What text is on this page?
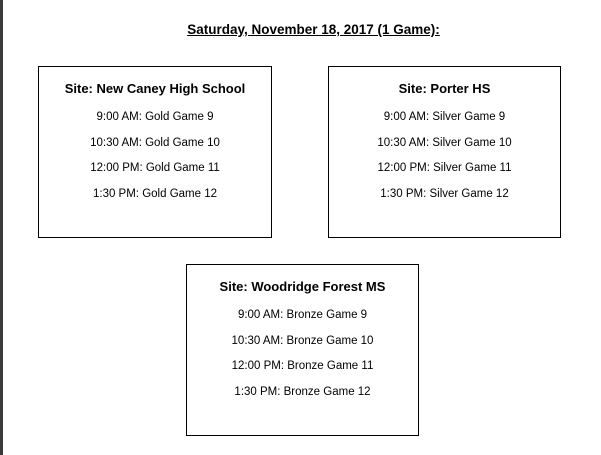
Saturday, November 18, 2017 (1 Game):
Site: New Caney High School
9:00 AM: Gold Game 9
10:30 AM: Gold Game 10
12:00 PM: Gold Game 11
1:30 PM: Gold Game 12
Site: Porter HS
9:00 AM: Silver Game 9
10:30 AM: Silver Game 10
12:00 PM: Silver Game 11
1:30 PM: Silver Game 12
Site: Woodridge Forest MS
9:00 AM: Bronze Game 9
10:30 AM: Bronze Game 10
12:00 PM: Bronze Game 11
1:30 PM: Bronze Game 12
